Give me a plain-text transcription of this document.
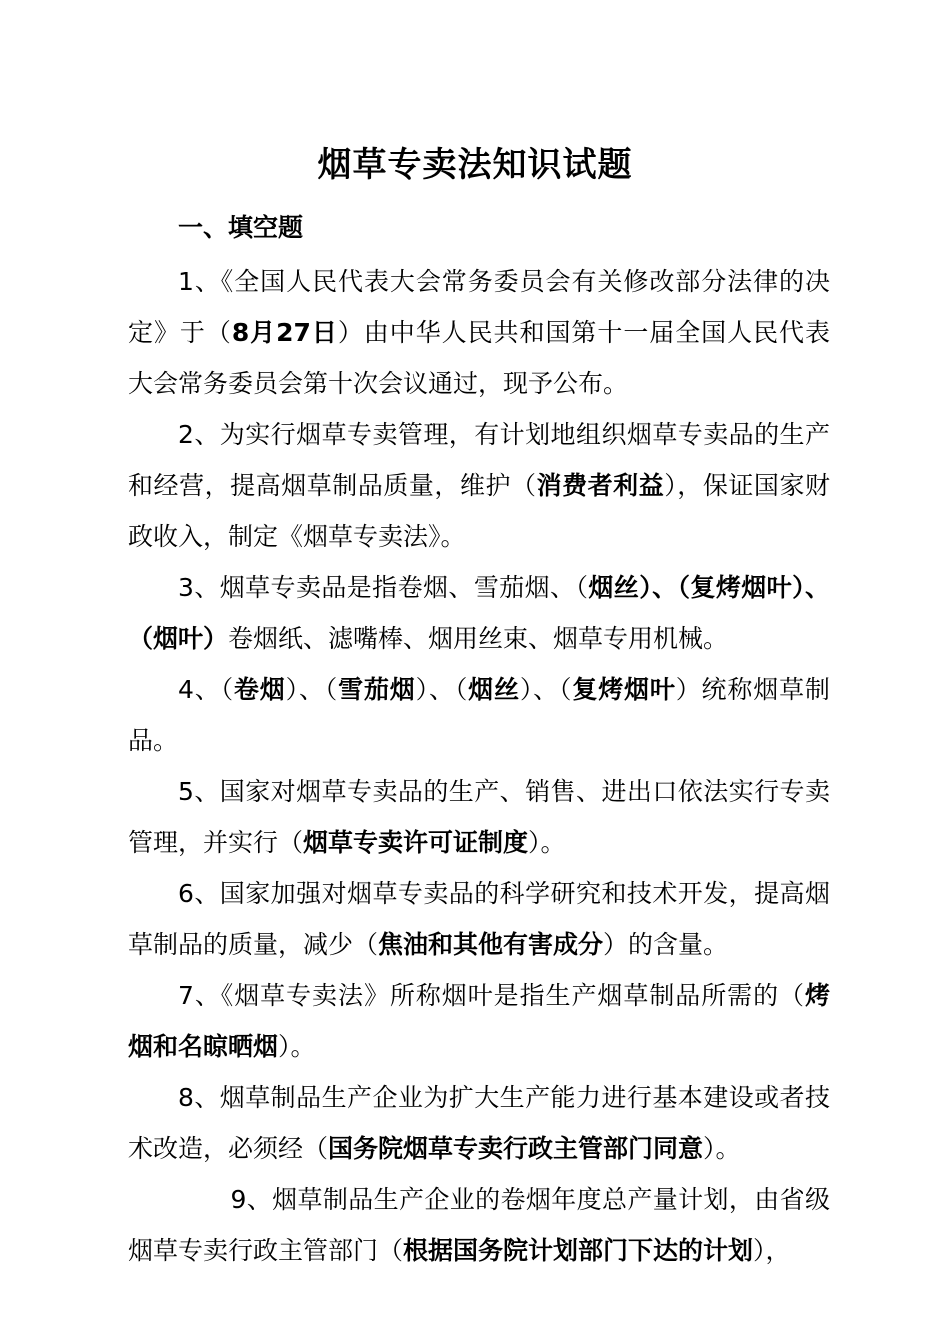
烟草专卖法知识试题
一、填空题

1、《全国人民代表大会常务委员会有关修改部分法律的决定》于（8月27日）由中华人民共和国第十一届全国人民代表大会常务委员会第十次会议通过，现予公布。

2、为实行烟草专卖管理，有计划地组织烟草专卖品的生产和经营，提高烟草制品质量，维护（消费者利益），保证国家财政收入，制定《烟草专卖法》。

3、烟草专卖品是指卷烟、雪茄烟、（烟丝）、（复烤烟叶）、（烟叶）卷烟纸、滤嘴棒、烟用丝束、烟草专用机械。

4、（卷烟）、（雪茄烟）、（烟丝）、（复烤烟叶）统称烟草制品。

5、国家对烟草专卖品的生产、销售、进出口依法实行专卖管理，并实行（烟草专卖许可证制度）。

6、国家加强对烟草专卖品的科学研究和技术开发，提高烟草制品的质量，减少（焦油和其他有害成分）的含量。

7、《烟草专卖法》所称烟叶是指生产烟草制品所需的（烤烟和名晾晒烟）。

8、烟草制品生产企业为扩大生产能力进行基本建设或者技术改造，必须经（国务院烟草专卖行政主管部门同意）。

9、烟草制品生产企业的卷烟年度总产量计划，由省级烟草专卖行政主管部门（根据国务院计划部门下达的计划），
